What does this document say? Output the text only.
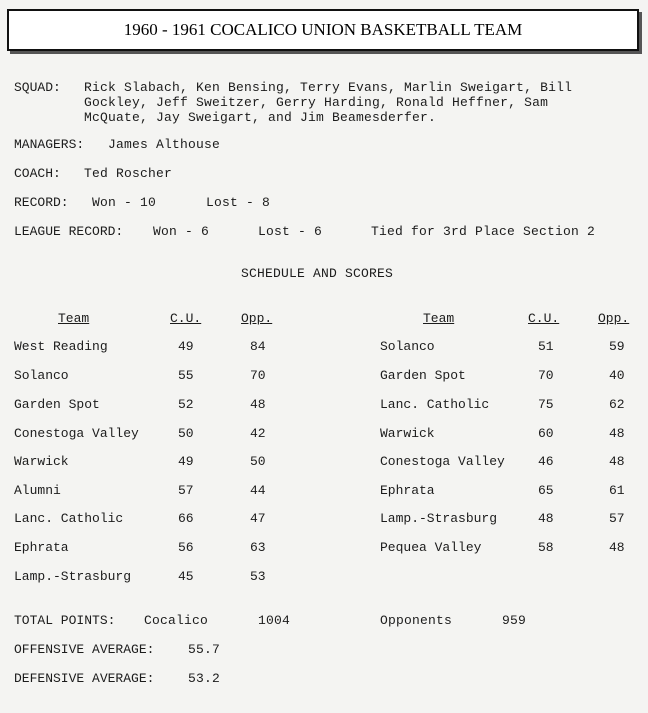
1960 - 1961 COCALICO UNION BASKETBALL TEAM
SQUAD: Rick Slabach, Ken Bensing, Terry Evans, Marlin Sweigart, Bill
Gockley, Jeff Sweitzer, Gerry Harding, Ronald Heffner, Sam
McQuate, Jay Sweigart, and Jim Beamesderfer.
MANAGERS: James Althouse
COACH: Ted Roscher
RECORD: Won - 10	Lost - 8
LEAGUE RECORD: Won - 6	Lost - 6	Tied for 3rd Place Section 2
SCHEDULE AND SCORES
Team	C.U.	Opp.	Team	C.U.	Opp.
West Reading	49	84
Solanco	55	70
Garden Spot	52	48
Conestoga Valley	50	42
Warwick	49	50
Alumni	57	44
Lanc. Catholic	66	47
Ephrata	56	63
Lamp.-Strasburg	45	53
Solanco	51	59
Garden Spot	70	40
Lanc. Catholic	75	62
Warwick	60	48
Conestoga Valley	46	48
Ephrata	65	61
Lamp.-Strasburg	48	57
Pequea Valley	58	48
TOTAL POINTS: Cocalico	1004	Opponents	959
OFFENSIVE AVERAGE:	55.7
DEFENSIVE AVERAGE:	53.2
